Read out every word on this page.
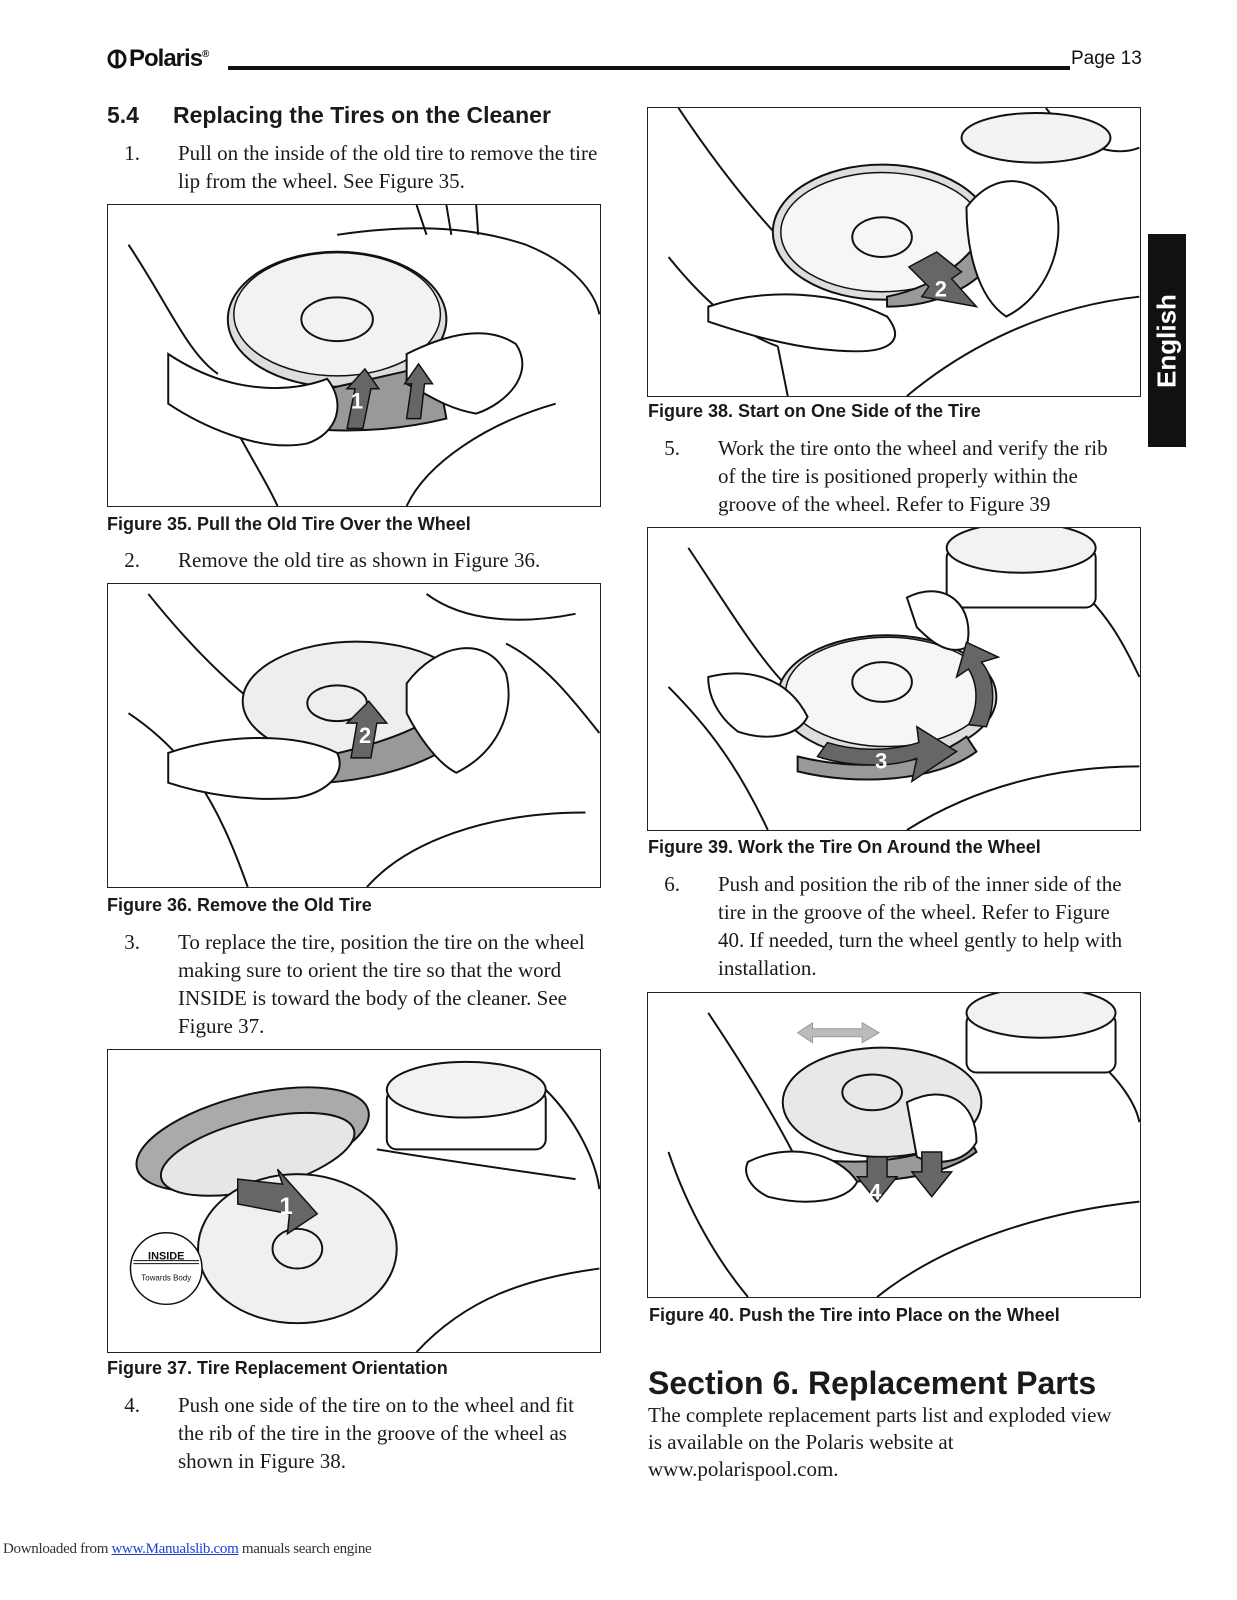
Polaris®	Page 13
English
5.4 Replacing the Tires on the Cleaner
1. Pull on the inside of the old tire to remove the tire lip from the wheel. See Figure 35.
1
Figure 35. Pull the Old Tire Over the Wheel
2. Remove the old tire as shown in Figure 36.
2
Figure 36. Remove the Old Tire
3. To replace the tire, position the tire on the wheel making sure to orient the tire so that the word INSIDE is toward the body of the cleaner. See Figure 37.
1
INSIDE
Towards Body
Figure 37. Tire Replacement Orientation
4. Push one side of the tire on to the wheel and fit the rib of the tire in the groove of the wheel as shown in Figure 38.
2
Figure 38. Start on One Side of the Tire
5. Work the tire onto the wheel and verify the rib of the tire is positioned properly within the groove of the wheel. Refer to Figure 39
3
Figure 39. Work the Tire On Around the Wheel
6. Push and position the rib of the inner side of the tire in the groove of the wheel. Refer to Figure 40. If needed, turn the wheel gently to help with installation.
4
Figure 40. Push the Tire into Place on the Wheel
Section 6. Replacement Parts
The complete replacement parts list and exploded view is available on the Polaris website at www.polarispool.com.
Downloaded from www.Manualslib.com manuals search engine
